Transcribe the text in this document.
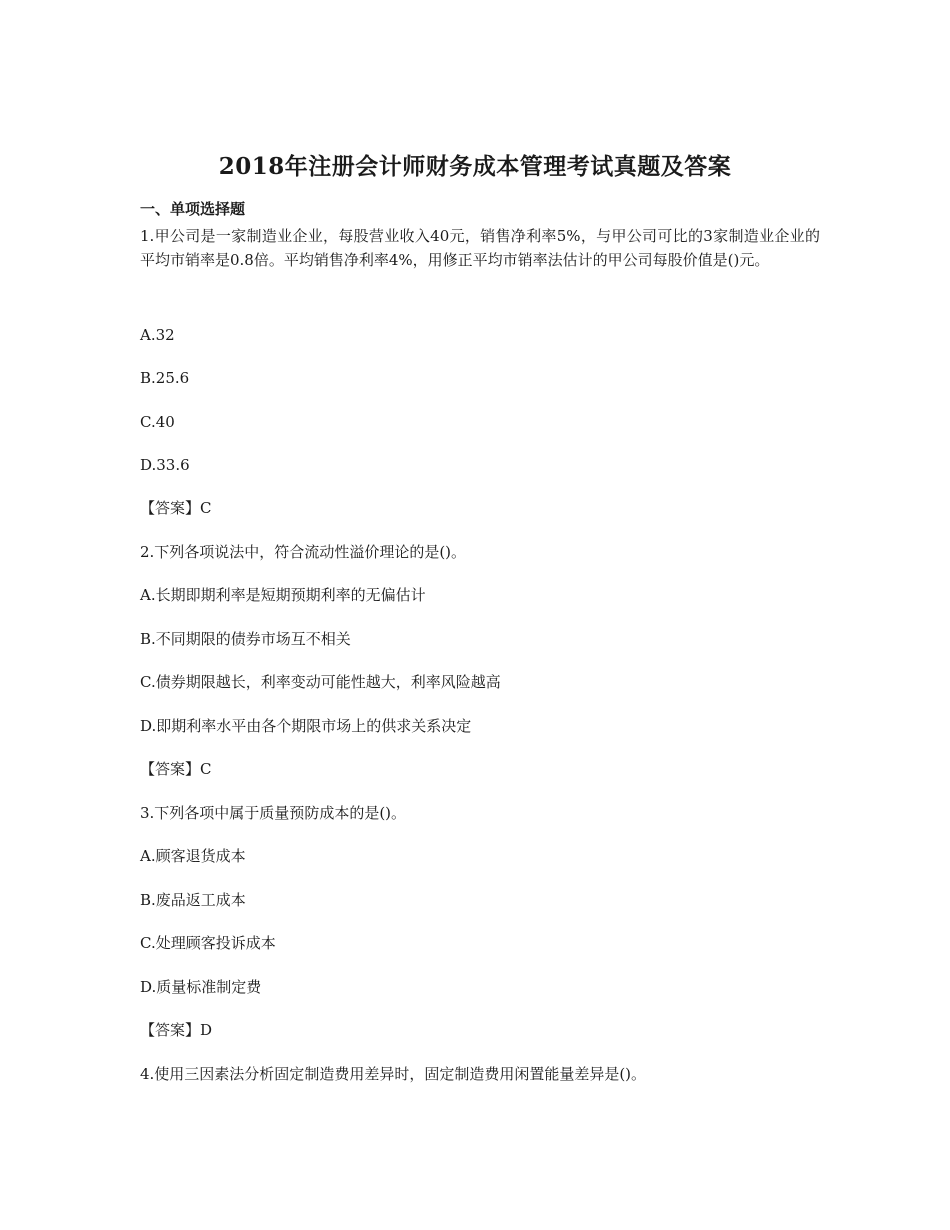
2018年注册会计师财务成本管理考试真题及答案
一、单项选择题
1.甲公司是一家制造业企业，每股营业收入40元，销售净利率5%，与甲公司可比的3家制造业企业的平均市销率是0.8倍。平均销售净利率4%，用修正平均市销率法估计的甲公司每股价值是()元。
A.32
B.25.6
C.40
D.33.6
【答案】C
2.下列各项说法中，符合流动性溢价理论的是()。
A.长期即期利率是短期预期利率的无偏估计
B.不同期限的债券市场互不相关
C.债券期限越长，利率变动可能性越大，利率风险越高
D.即期利率水平由各个期限市场上的供求关系决定
【答案】C
3.下列各项中属于质量预防成本的是()。
A.顾客退货成本
B.废品返工成本
C.处理顾客投诉成本
D.质量标准制定费
【答案】D
4.使用三因素法分析固定制造费用差异时，固定制造费用闲置能量差异是()。
